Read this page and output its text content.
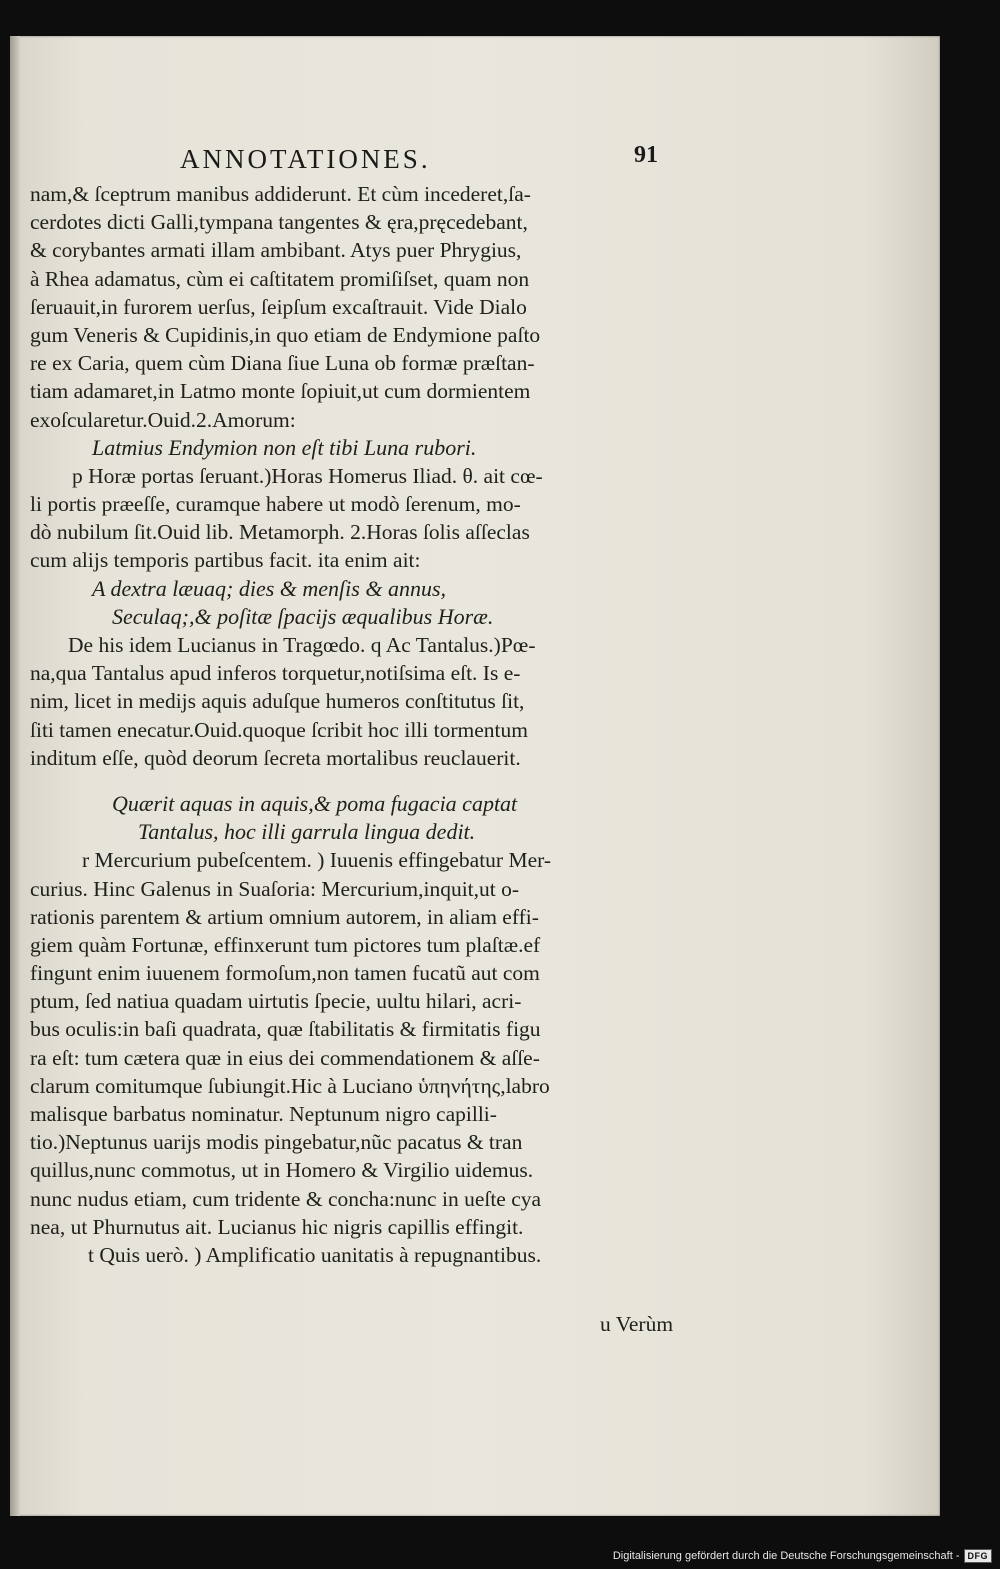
ANNOTATIONES.	91
nam,& ſceptrum manibus addiderunt. Et cùm incederet,ſa-
cerdotes dicti Galli,tympana tangentes & ęra,pręcedebant,
& corybantes armati illam ambibant. Atys puer Phrygius,
à Rhea adamatus, cùm ei caſtitatem promiſiſset, quam non
ſeruauit,in furorem uerſus, ſeipſum excaſtrauit. Vide Dialo
gum Veneris & Cupidinis,in quo etiam de Endymione paſto
re ex Caria, quem cùm Diana ſiue Luna ob formæ præſtan-
tiam adamaret,in Latmo monte ſopiuit,ut cum dormientem
exoſcularetur.Ouid.2.Amorum:
Latmius Endymion non eſt tibi Luna rubori.
p Horæ portas ſeruant.)Horas Homerus Iliad. θ. ait cœ-
li portis præeſſe, curamque habere ut modò ſerenum, mo-
dò nubilum ſit.Ouid lib. Metamorph. 2.Horas ſolis aſſeclas
cum alijs temporis partibus facit. ita enim ait:
A dextra læuaq; dies & menſis & annus,
Seculaq;,& poſitæ ſpacijs æqualibus Horæ.
De his idem Lucianus in Tragœdo. q Ac Tantalus.)Pœ-
na,qua Tantalus apud inferos torquetur,notiſsima eſt. Is e-
nim, licet in medijs aquis aduſque humeros conſtitutus ſit,
ſiti tamen enecatur.Ouid.quoque ſcribit hoc illi tormentum
inditum eſſe, quòd deorum ſecreta mortalibus reuclauerit.
Quærit aquas in aquis,& poma fugacia captat
Tantalus, hoc illi garrula lingua dedit.
r Mercurium pubeſcentem. ) Iuuenis effingebatur Mer-
curius. Hinc Galenus in Suaſoria: Mercurium,inquit,ut o-
rationis parentem & artium omnium autorem, in aliam effi-
giem quàm Fortunæ, effinxerunt tum pictores tum plaſtæ.ef
fingunt enim iuuenem formoſum,non tamen fucatũ aut com
ptum, ſed natiua quadam uirtutis ſpecie, uultu hilari, acri-
bus oculis:in baſi quadrata, quæ ſtabilitatis & firmitatis figu
ra eſt: tum cætera quæ in eius dei commendationem & aſſe-
clarum comitumque ſubiungit.Hic à Luciano ὑπηνήτης,labro
malisque barbatus nominatur. Neptunum nigro capilli-
tio.)Neptunus uarijs modis pingebatur,nũc pacatus & tran
quillus,nunc commotus, ut in Homero & Virgilio uidemus.
nunc nudus etiam, cum tridente & concha:nunc in ueſte cya
nea, ut Phurnutus ait. Lucianus hic nigris capillis effingit.
t Quis uerò. ) Amplificatio uanitatis à repugnantibus.
u Verùm
Digitalisierung gefördert durch die Deutsche Forschungsgemeinschaft - DFG
